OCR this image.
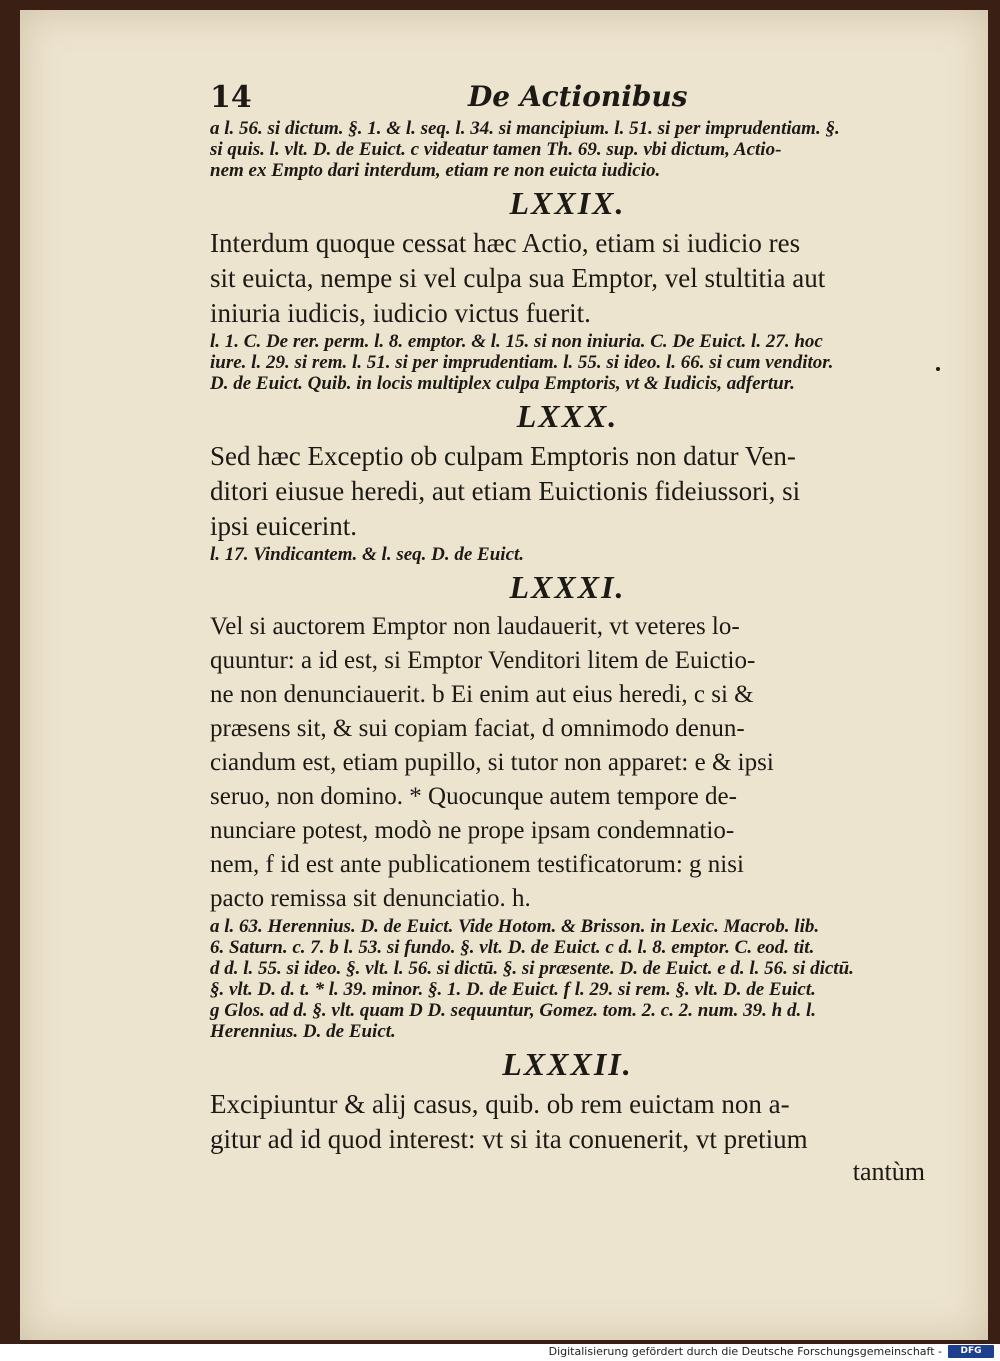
14	De Actionibus
a l. 56. si dictum. §. 1. & l. seq. l. 34. si mancipium. l. 51. si per imprudentiam. §.
si quis. l. vlt. D. de Euict. c videatur tamen Th. 69. sup. vbi dictum, Actio-
nem ex Empto dari interdum, etiam re non euicta iudicio.
LXXIX.
Interdum quoque cessat hæc Actio, etiam si iudicio res
sit euicta, nempe si vel culpa sua Emptor, vel stultitia aut
iniuria iudicis, iudicio victus fuerit.
l. 1. C. De rer. perm. l. 8. emptor. & l. 15. si non iniuria. C. De Euict. l. 27. hoc
iure. l. 29. si rem. l. 51. si per imprudentiam. l. 55. si ideo. l. 66. si cum venditor.
D. de Euict. Quib. in locis multiplex culpa Emptoris, vt & Iudicis, adfertur.
LXXX.
Sed hæc Exceptio ob culpam Emptoris non datur Ven-
ditori eiusue heredi, aut etiam Euictionis fideiussori, si
ipsi euicerint.
l. 17. Vindicantem. & l. seq. D. de Euict.
LXXXI.
Vel si auctorem Emptor non laudauerit, vt veteres lo-
quuntur: a id est, si Emptor Venditori litem de Euictio-
ne non denunciauerit. b Ei enim aut eius heredi, c si &
præsens sit, & sui copiam faciat, d omnimodo denun-
ciandum est, etiam pupillo, si tutor non apparet: e & ipsi
seruo, non domino. * Quocunque autem tempore de-
nunciare potest, modò ne prope ipsam condemnatio-
nem, f id est ante publicationem testificatorum: g nisi
pacto remissa sit denunciatio. h.
a l. 63. Herennius. D. de Euict. Vide Hotom. & Brisson. in Lexic. Macrob. lib.
6. Saturn. c. 7. b l. 53. si fundo. §. vlt. D. de Euict. c d. l. 8. emptor. C. eod. tit.
d d. l. 55. si ideo. §. vlt. l. 56. si dictū. §. si præsente. D. de Euict. e d. l. 56. si dictū.
§. vlt. D. d. t. * l. 39. minor. §. 1. D. de Euict. f l. 29. si rem. §. vlt. D. de Euict.
g Glos. ad d. §. vlt. quam D D. sequuntur, Gomez. tom. 2. c. 2. num. 39. h d. l.
Herennius. D. de Euict.
LXXXII.
Excipiuntur & alij casus, quib. ob rem euictam non a-
gitur ad id quod interest: vt si ita conuenerit, vt pretium
tantùm
Digitalisierung gefördert durch die Deutsche Forschungsgemeinschaft -	DFG
